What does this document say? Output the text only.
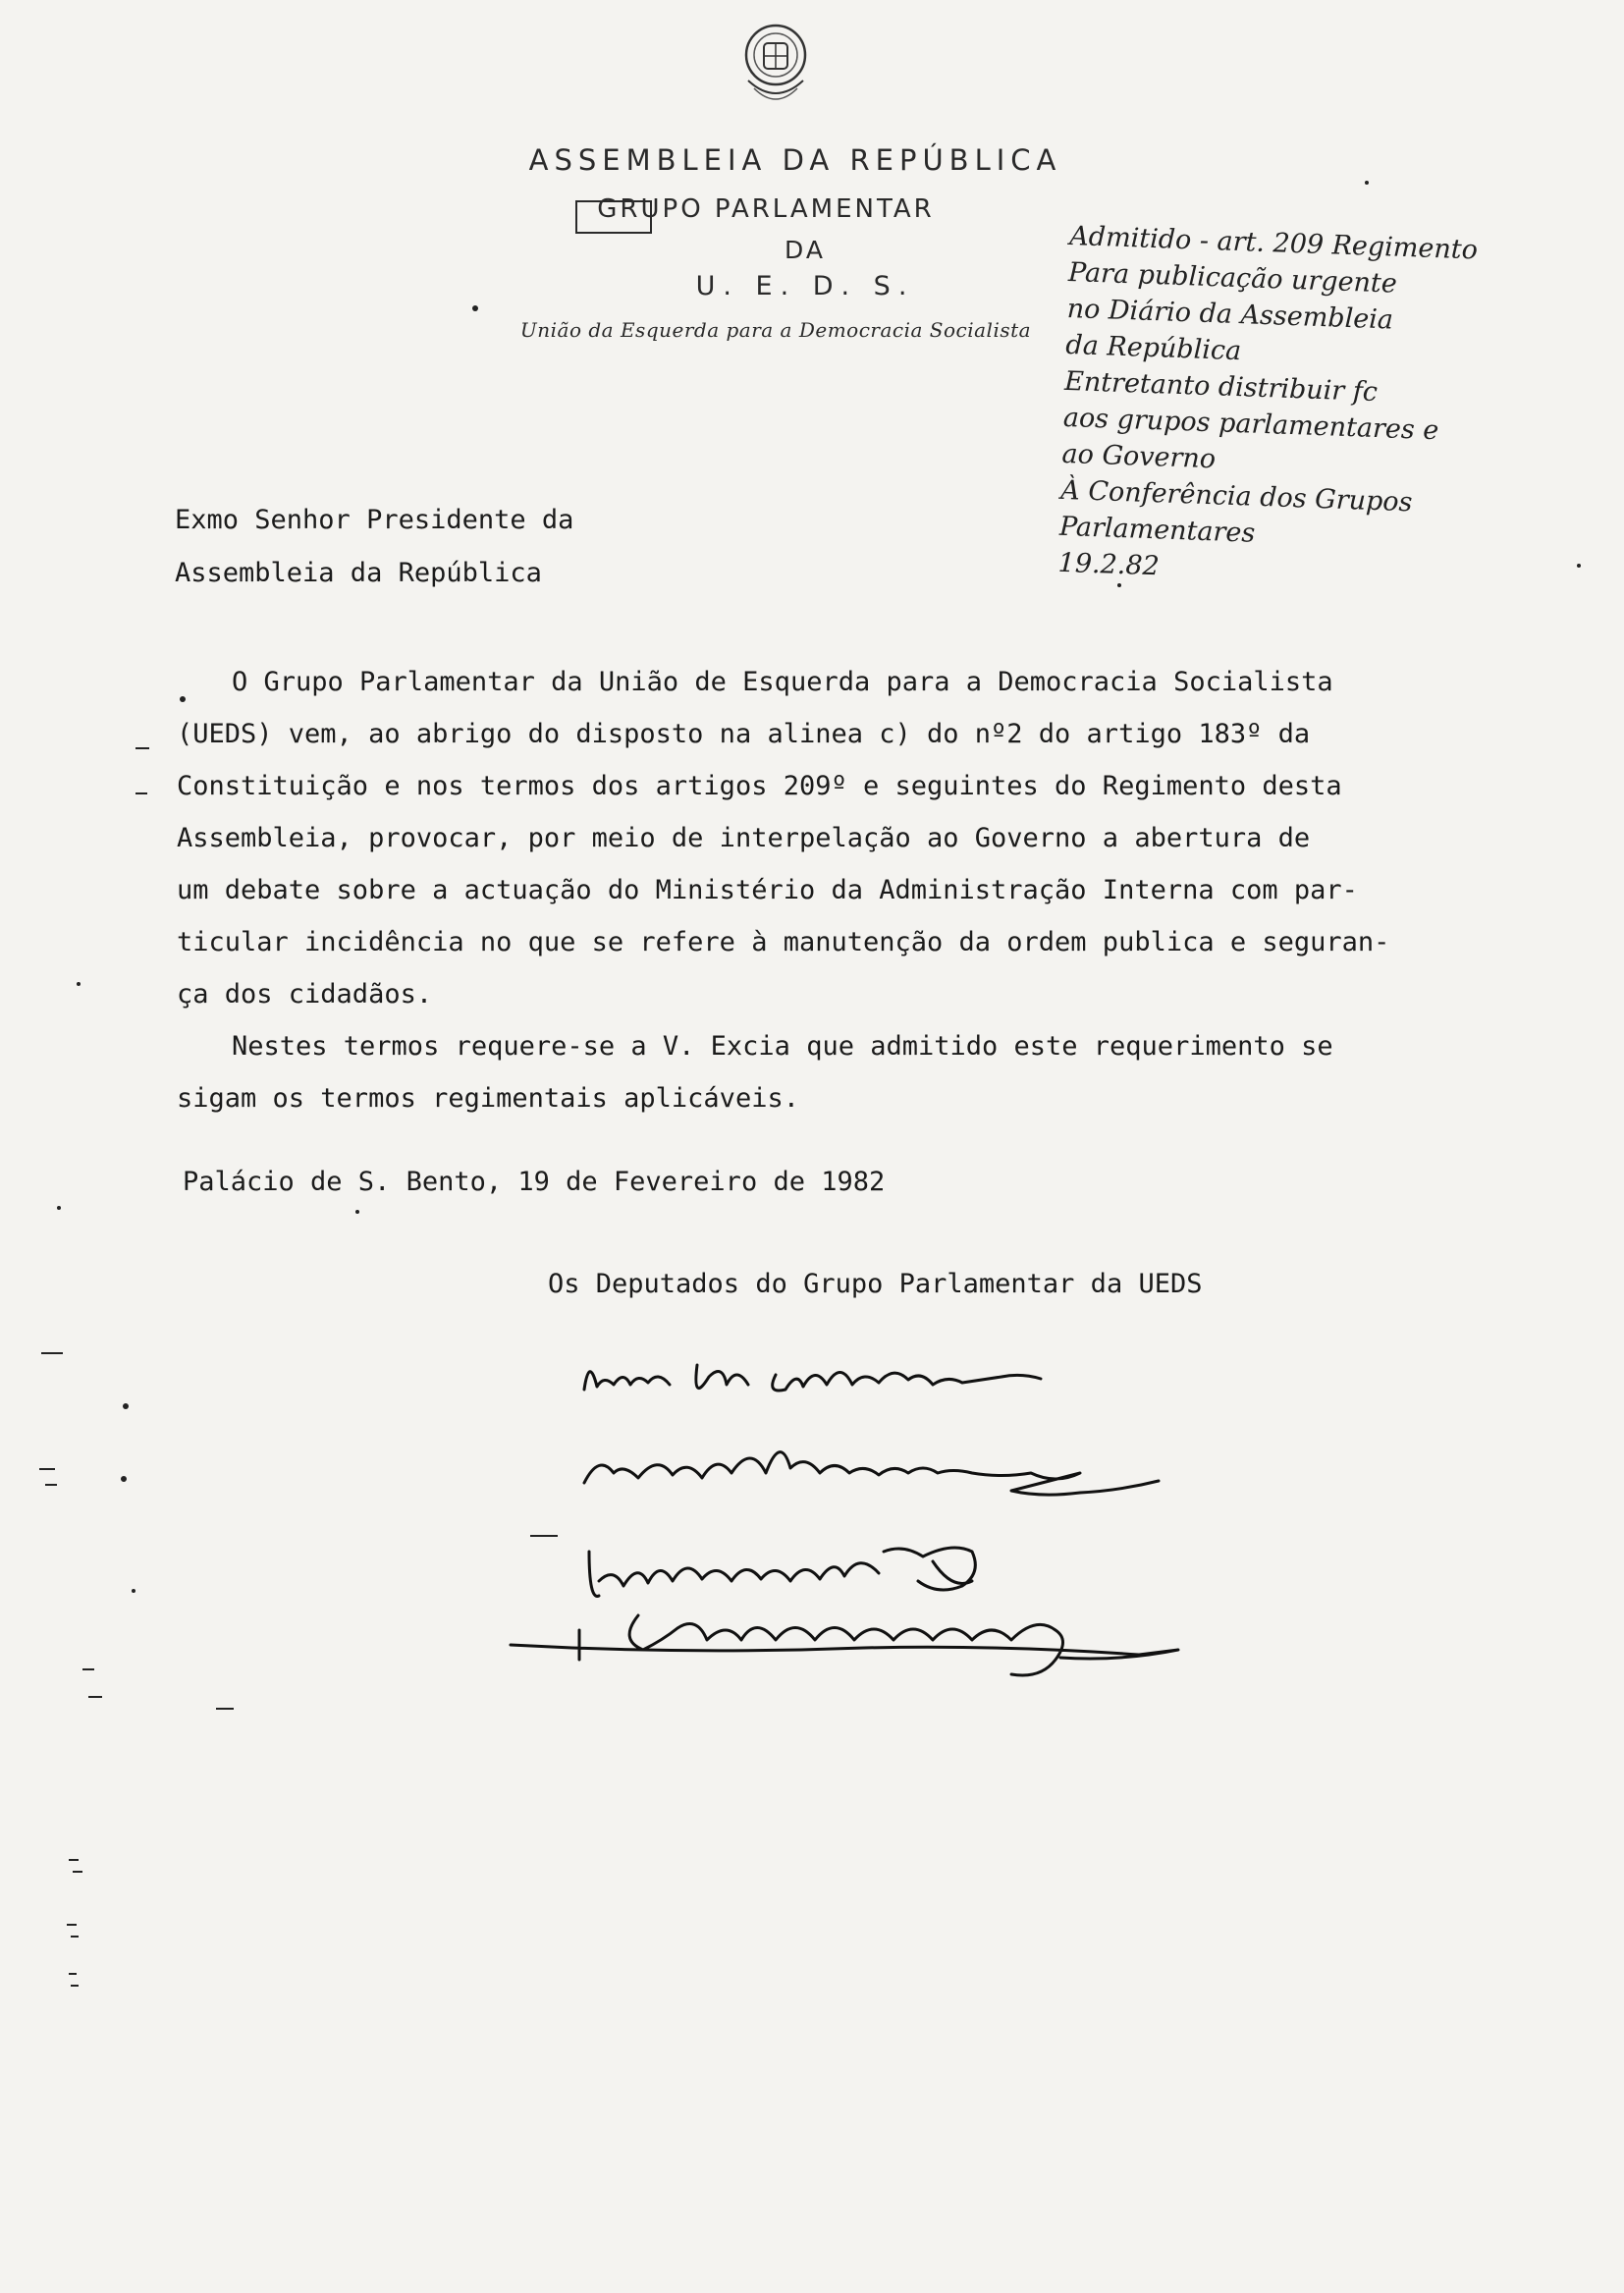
ASSEMBLEIA DA REPÚBLICA
GRUPO PARLAMENTAR
DA
U. E. D. S.
União da Esquerda para a Democracia Socialista
Admitido - art. 209 Regimento
Para publicação urgente
no Diário da Assembleia
da República
Entretanto distribuir fc
aos grupos parlamentares e
ao Governo
À Conferência dos Grupos
Parlamentares
19.2.82
Exmo Senhor Presidente da
Assembleia da República
O Grupo Parlamentar da União de Esquerda para a Democracia Socialista
(UEDS) vem, ao abrigo do disposto na alinea c) do nº2 do artigo 183º da
Constituição e nos termos dos artigos 209º e seguintes do Regimento desta
Assembleia, provocar, por meio de interpelação ao Governo a abertura de
um debate sobre a actuação do Ministério da Administração Interna com par-
ticular incidência no que se refere à manutenção da ordem publica e seguran-
ça dos cidadãos.
Nestes termos requere-se a V. Excia que admitido este requerimento se
sigam os termos regimentais aplicáveis.
Palácio de S. Bento, 19 de Fevereiro de 1982
Os Deputados do Grupo Parlamentar da UEDS
